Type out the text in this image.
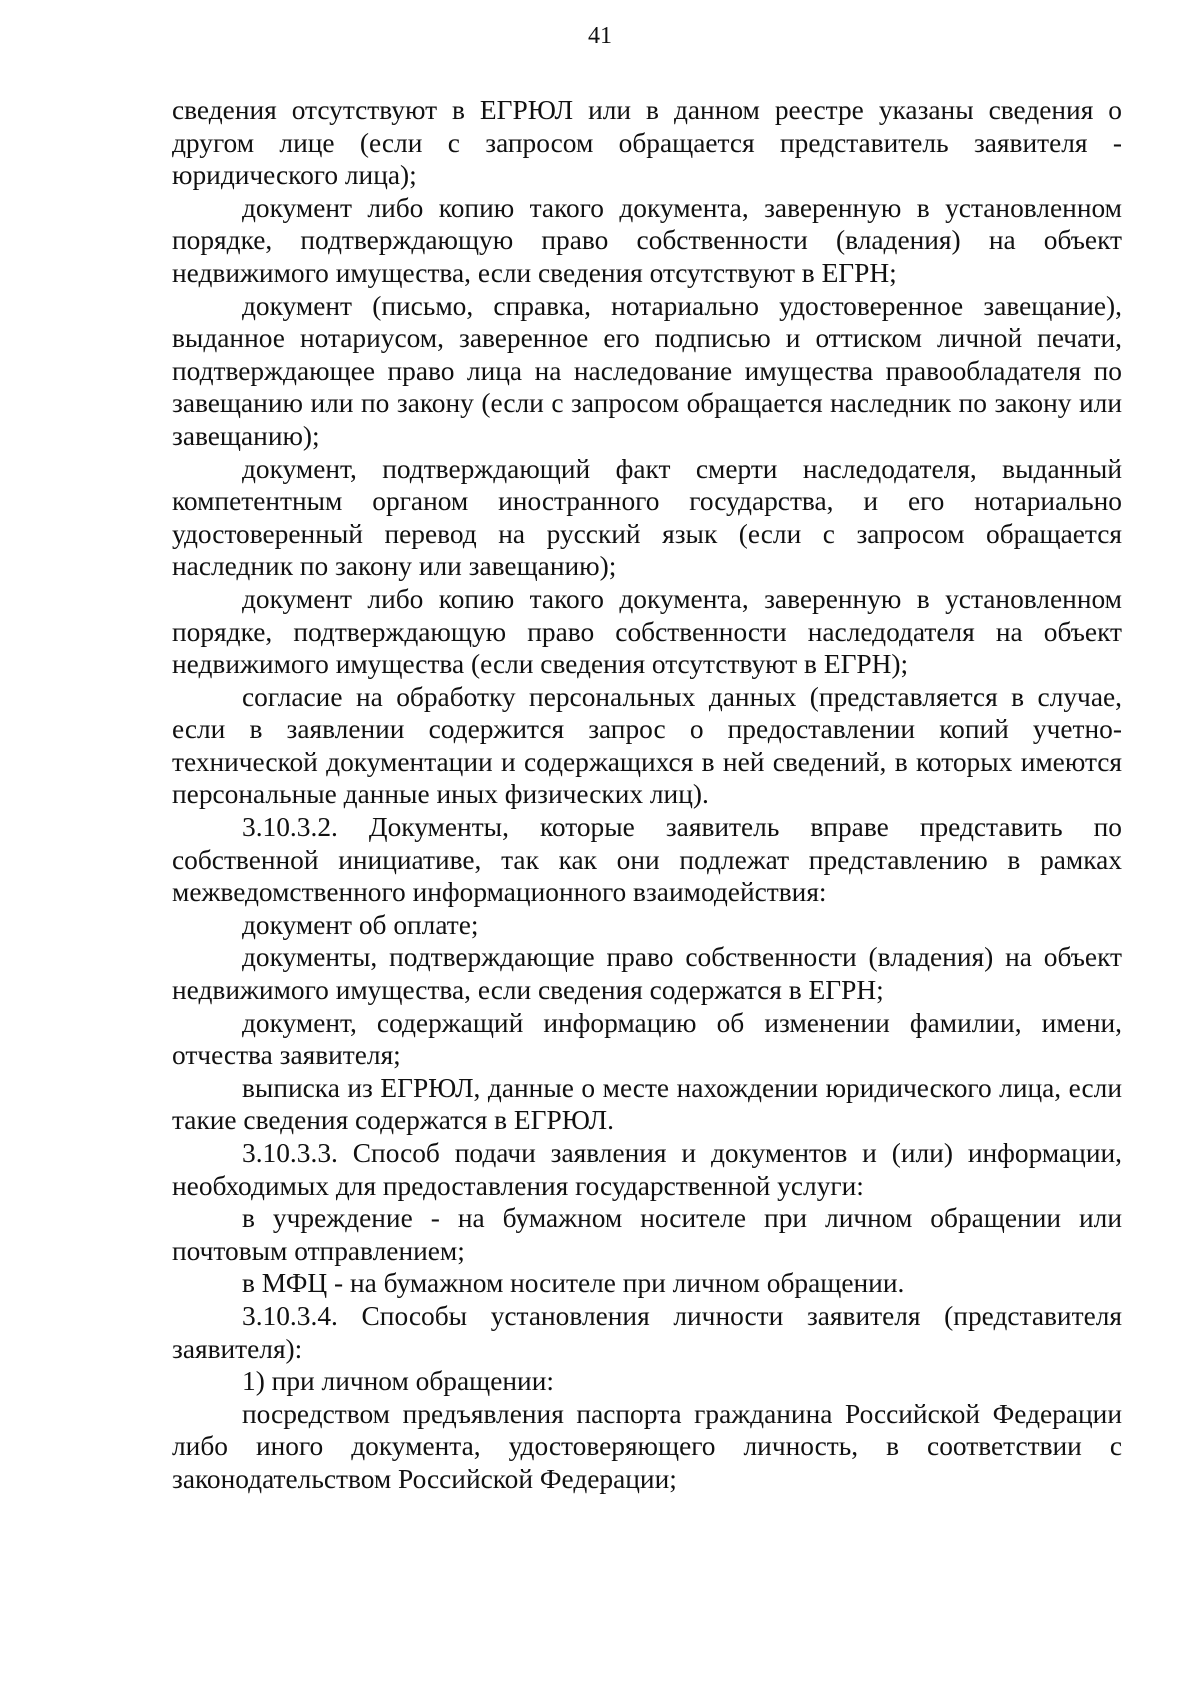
41

сведения отсутствуют в ЕГРЮЛ или в данном реестре указаны сведения о другом лице (если с запросом обращается представитель заявителя - юридического лица);

документ либо копию такого документа, заверенную в установленном порядке, подтверждающую право собственности (владения) на объект недвижимого имущества, если сведения отсутствуют в ЕГРН;

документ (письмо, справка, нотариально удостоверенное завещание), выданное нотариусом, заверенное его подписью и оттиском личной печати, подтверждающее право лица на наследование имущества правообладателя по завещанию или по закону (если с запросом обращается наследник по закону или завещанию);

документ, подтверждающий факт смерти наследодателя, выданный компетентным органом иностранного государства, и его нотариально удостоверенный перевод на русский язык (если с запросом обращается наследник по закону или завещанию);

документ либо копию такого документа, заверенную в установленном порядке, подтверждающую право собственности наследодателя на объект недвижимого имущества (если сведения отсутствуют в ЕГРН);

согласие на обработку персональных данных (представляется в случае, если в заявлении содержится запрос о предоставлении копий учетно-технической документации и содержащихся в ней сведений, в которых имеются персональные данные иных физических лиц).

3.10.3.2. Документы, которые заявитель вправе представить по собственной инициативе, так как они подлежат представлению в рамках межведомственного информационного взаимодействия:

документ об оплате;

документы, подтверждающие право собственности (владения) на объект недвижимого имущества, если сведения содержатся в ЕГРН;

документ, содержащий информацию об изменении фамилии, имени, отчества заявителя;

выписка из ЕГРЮЛ, данные о месте нахождении юридического лица, если такие сведения содержатся в ЕГРЮЛ.

3.10.3.3. Способ подачи заявления и документов и (или) информации, необходимых для предоставления государственной услуги:

в учреждение - на бумажном носителе при личном обращении или почтовым отправлением;

в МФЦ - на бумажном носителе при личном обращении.

3.10.3.4. Способы установления личности заявителя (представителя заявителя):

1) при личном обращении:

посредством предъявления паспорта гражданина Российской Федерации либо иного документа, удостоверяющего личность, в соответствии с законодательством Российской Федерации;
